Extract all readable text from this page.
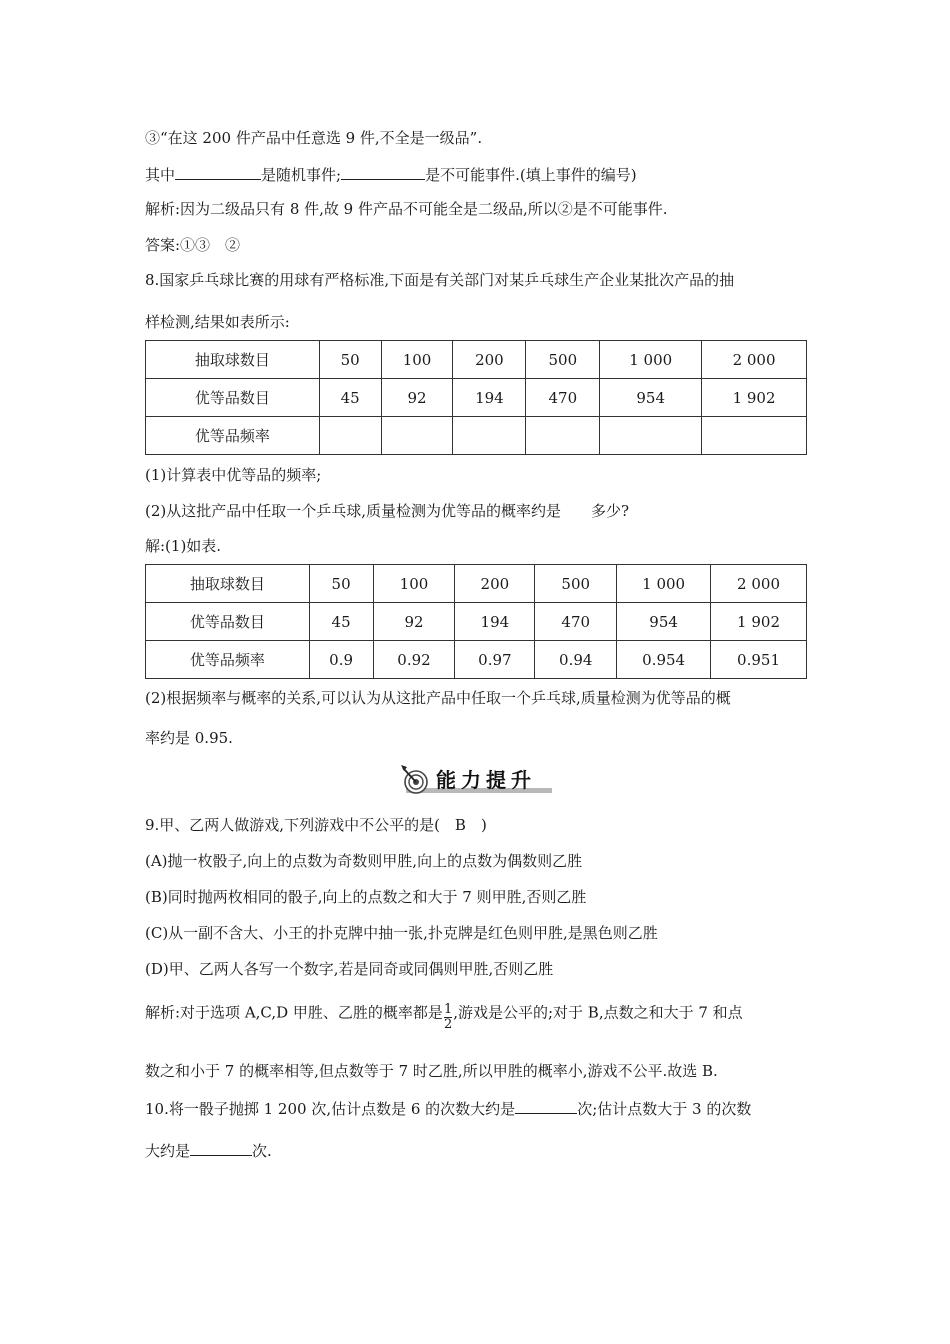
③“在这 200 件产品中任意选 9 件,不全是一级品”.
其中	是随机事件;	是不可能事件.(填上事件的编号)
解析:因为二级品只有 8 件,故 9 件产品不可能全是二级品,所以②是不可能事件.
答案:①③　②
8.国家乒乓球比赛的用球有严格标准,下面是有关部门对某乒乓球生产企业某批次产品的抽
样检测,结果如表所示:
抽取球数目	50	100	200	500	1 000	2 000
优等品数目	45	92	194	470	954	1 902
优等品频率						
(1)计算表中优等品的频率;
(2)从这批产品中任取一个乒乓球,质量检测为优等品的概率约是　　多少?
解:(1)如表.
抽取球数目	50	100	200	500	1 000	2 000
优等品数目	45	92	194	470	954	1 902
优等品频率	0.9	0.92	0.97	0.94	0.954	0.951
(2)根据频率与概率的关系,可以认为从这批产品中任取一个乒乓球,质量检测为优等品的概
率约是 0.95.
能力提升
9.甲、乙两人做游戏,下列游戏中不公平的是(　B　)
(A)抛一枚骰子,向上的点数为奇数则甲胜,向上的点数为偶数则乙胜
(B)同时抛两枚相同的骰子,向上的点数之和大于 7 则甲胜,否则乙胜
(C)从一副不含大、小王的扑克牌中抽一张,扑克牌是红色则甲胜,是黑色则乙胜
(D)甲、乙两人各写一个数字,若是同奇或同偶则甲胜,否则乙胜
解析:对于选项 A,C,D 甲胜、乙胜的概率都是 $\frac{1}{2}$ ,游戏是公平的;对于 B,点数之和大于 7 和点
数之和小于 7 的概率相等,但点数等于 7 时乙胜,所以甲胜的概率小,游戏不公平.故选 B.
10.将一骰子抛掷 1 200 次,估计点数是 6 的次数大约是	次;估计点数大于 3 的次数
大约是	次.
